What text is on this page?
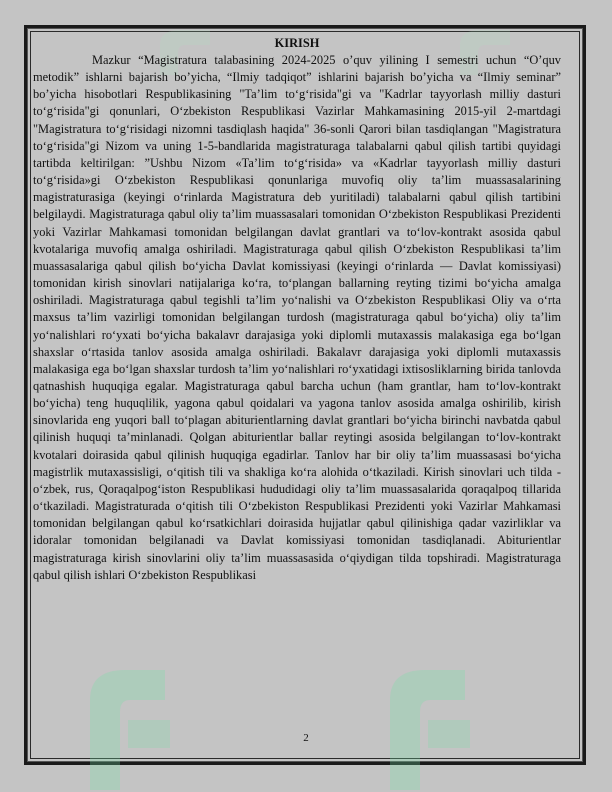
KIRISH

Mazkur “Magistratura talabasining 2024-2025 o’quv yilining I semestri uchun “O’quv metodik” ishlarni bajarish bo’yicha, “Ilmiy tadqiqot” ishlarini bajarish bo’yicha va “Ilmiy seminar” bo’yicha hisobotlari Respublikasining "Ta’lim to‘g‘risida"gi va "Kadrlar tayyorlash milliy dasturi to‘g‘risida"gi qonunlari, O‘zbekiston Respublikasi Vazirlar Mahkamasining 2015-yil 2-martdagi "Magistratura to‘g‘risidagi nizomni tasdiqlash haqida" 36-sonli Qarori bilan tasdiqlangan "Magistratura to‘g‘risida"gi Nizom va uning 1-5-bandlarida magistraturaga talabalarni qabul qilish tartibi quyidagi tartibda keltirilgan: ”Ushbu Nizom «Ta’lim to‘g‘risida» va «Kadrlar tayyorlash milliy dasturi to‘g‘risida»gi O‘zbekiston Respublikasi qonunlariga muvofiq oliy ta’lim muassasalarining magistraturasiga (keyingi o‘rinlarda Magistratura deb yuritiladi) talabalarni qabul qilish tartibini belgilaydi. Magistraturaga qabul oliy ta’lim muassasalari tomonidan O‘zbekiston Respublikasi Prezidenti yoki Vazirlar Mahkamasi tomonidan belgilangan davlat grantlari va to‘lov-kontrakt asosida qabul kvotalariga muvofiq amalga oshiriladi. Magistraturaga qabul qilish O‘zbekiston Respublikasi ta’lim muassasalariga qabul qilish bo‘yicha Davlat komissiyasi (keyingi o‘rinlarda — Davlat komissiyasi) tomonidan kirish sinovlari natijalariga ko‘ra, to‘plangan ballarning reyting tizimi bo‘yicha amalga oshiriladi. Magistraturaga qabul tegishli ta’lim yo‘nalishi va O‘zbekiston Respublikasi Oliy va o‘rta maxsus ta’lim vazirligi tomonidan belgilangan turdosh (magistraturaga qabul bo‘yicha) oliy ta’lim yo‘nalishlari ro‘yxati bo‘yicha bakalavr darajasiga yoki diplomli mutaxassis malakasiga ega bo‘lgan shaxslar o‘rtasida tanlov asosida amalga oshiriladi. Bakalavr darajasiga yoki diplomli mutaxassis malakasiga ega bo‘lgan shaxslar turdosh ta’lim yo‘nalishlari ro‘yxatidagi ixtisosliklarning birida tanlovda qatnashish huquqiga egalar. Magistraturaga qabul barcha uchun (ham grantlar, ham to‘lov-kontrakt bo‘yicha) teng huquqlilik, yagona qabul qoidalari va yagona tanlov asosida amalga oshirilib, kirish sinovlarida eng yuqori ball to‘plagan abiturientlarning davlat grantlari bo‘yicha birinchi navbatda qabul qilinish huquqi ta’minlanadi. Qolgan abiturientlar ballar reytingi asosida belgilangan to‘lov-kontrakt kvotalari doirasida qabul qilinish huquqiga egadirlar. Tanlov har bir oliy ta’lim muassasasi bo‘yicha magistrlik mutaxassisligi, o‘qitish tili va shakliga ko‘ra alohida o‘tkaziladi. Kirish sinovlari uch tilda - o‘zbek, rus, Qoraqalpog‘iston Respublikasi hududidagi oliy ta’lim muassasalarida qoraqalpoq tillarida o‘tkaziladi. Magistraturada o‘qitish tili O‘zbekiston Respublikasi Prezidenti yoki Vazirlar Mahkamasi tomonidan belgilangan qabul ko‘rsatkichlari doirasida hujjatlar qabul qilinishiga qadar vazirliklar va idoralar tomonidan belgilanadi va Davlat komissiyasi tomonidan tasdiqlanadi. Abiturientlar magistraturaga kirish sinovlarini oliy ta’lim muassasasida o‘qiydigan tilda topshiradi. Magistraturaga qabul qilish ishlari O‘zbekiston Respublikasi

2
